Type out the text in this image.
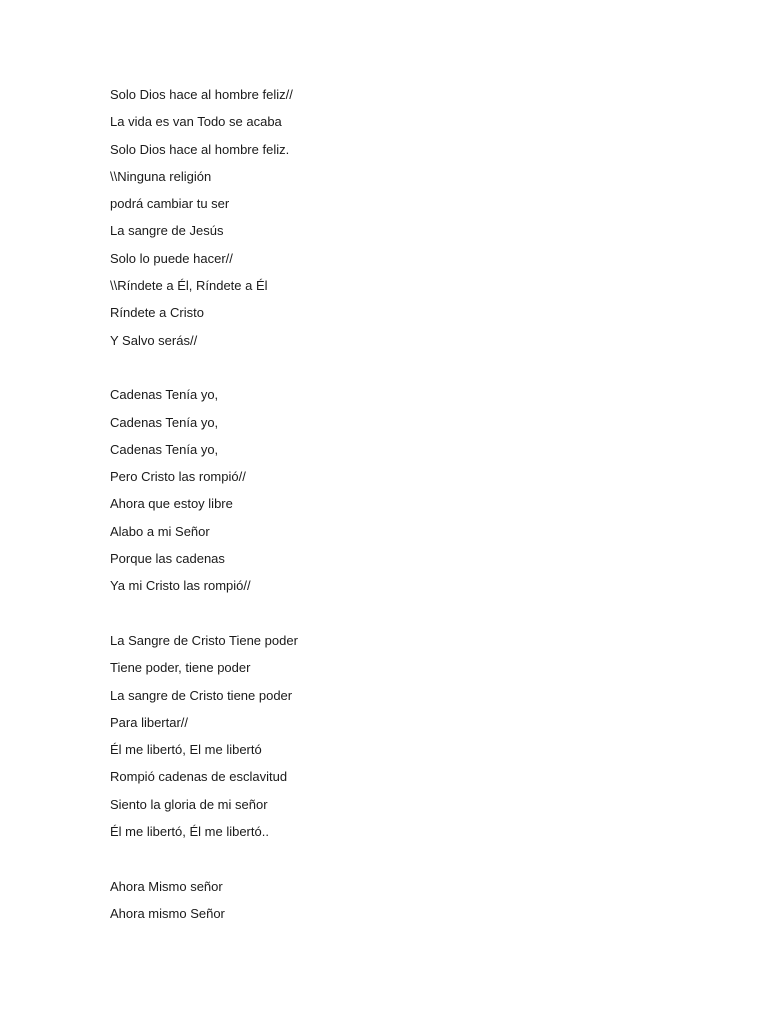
Solo Dios hace al hombre feliz//
La vida es van Todo se acaba
Solo Dios hace al hombre feliz.
\\Ninguna religión
podrá cambiar tu ser
La sangre de Jesús
Solo lo puede hacer//
\\Ríndete a Él, Ríndete a Él
Ríndete a Cristo
Y Salvo serás//
Cadenas Tenía yo,
Cadenas Tenía yo,
Cadenas Tenía yo,
Pero Cristo las rompió//
Ahora que estoy libre
Alabo a mi Señor
Porque las cadenas
Ya mi Cristo las rompió//
La Sangre de Cristo Tiene poder
Tiene poder, tiene poder
La sangre de Cristo tiene poder
Para libertar//
Él me libertó, El me libertó
Rompió cadenas de esclavitud
Siento la gloria de mi señor
Él me libertó, Él me libertó..
Ahora Mismo señor
Ahora mismo Señor
